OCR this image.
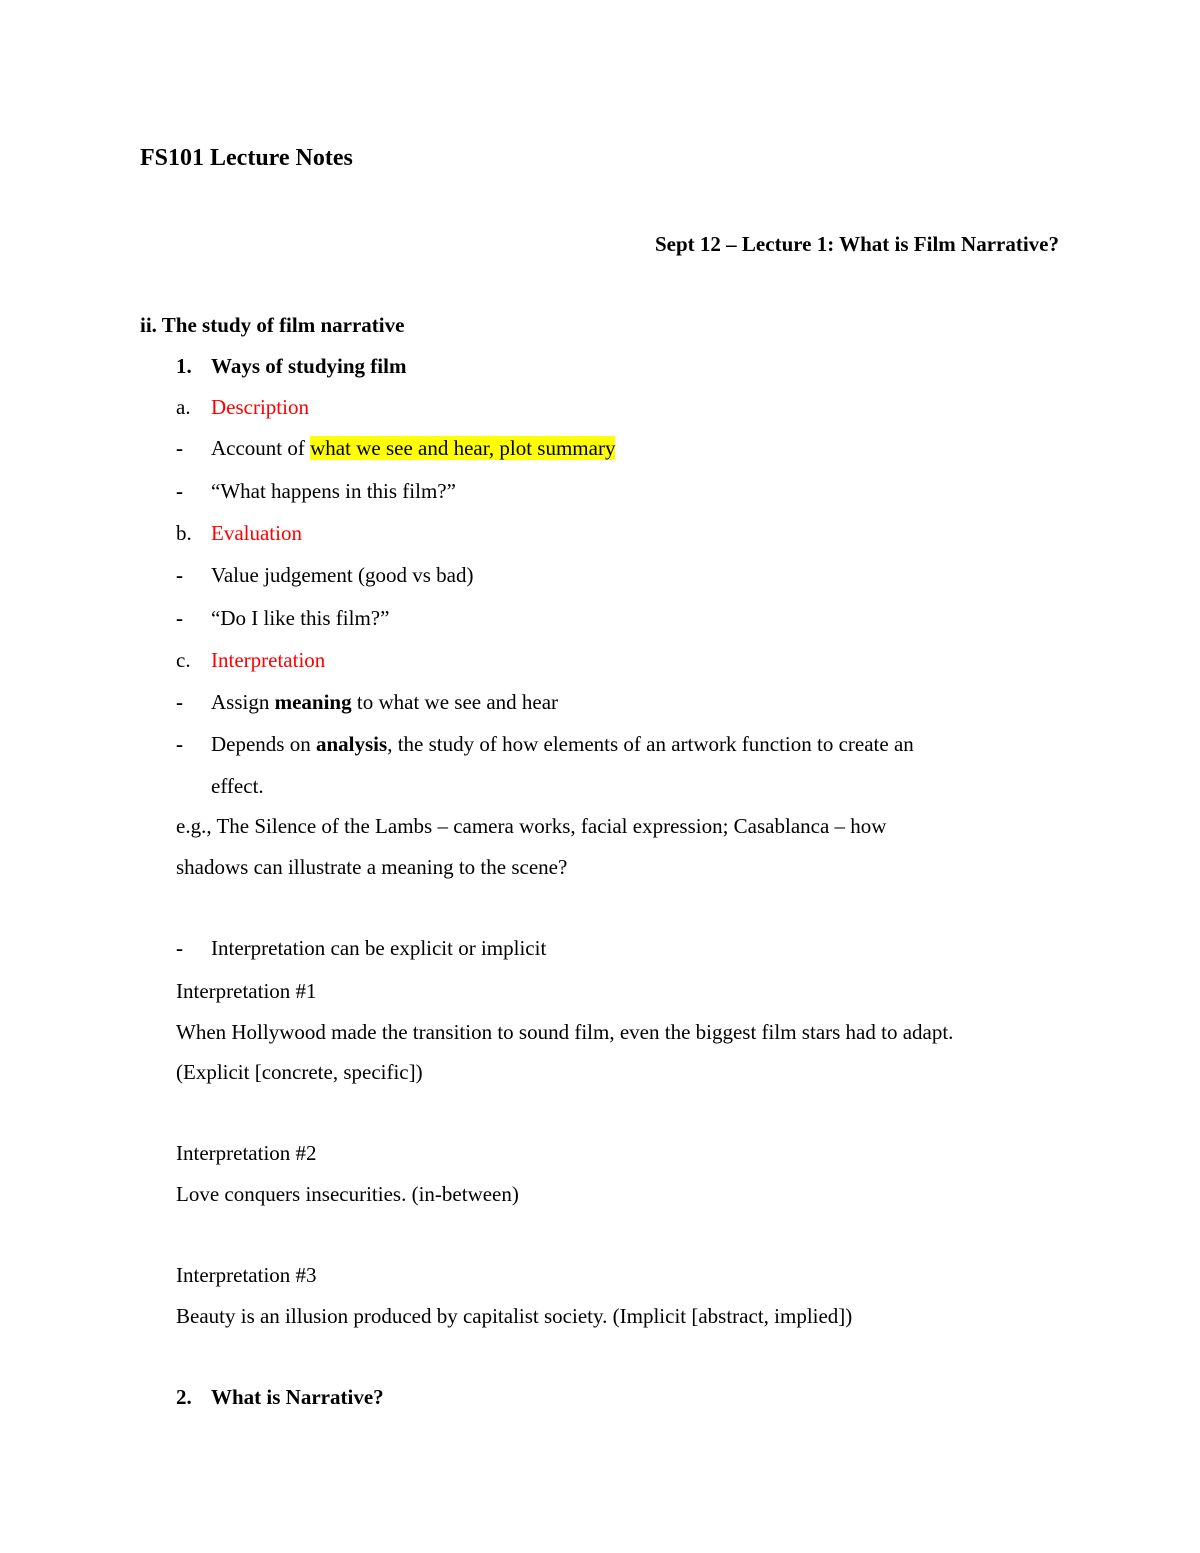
FS101 Lecture Notes
Sept 12 – Lecture 1: What is Film Narrative?
ii. The study of film narrative
1. Ways of studying film
a. Description
- Account of what we see and hear, plot summary
- “What happens in this film?”
b. Evaluation
- Value judgement (good vs bad)
- “Do I like this film?”
c. Interpretation
- Assign meaning to what we see and hear
- Depends on analysis, the study of how elements of an artwork function to create an
effect.
e.g., The Silence of the Lambs – camera works, facial expression; Casablanca – how
shadows can illustrate a meaning to the scene?
- Interpretation can be explicit or implicit
Interpretation #1
When Hollywood made the transition to sound film, even the biggest film stars had to adapt.
(Explicit [concrete, specific])
Interpretation #2
Love conquers insecurities. (in-between)
Interpretation #3
Beauty is an illusion produced by capitalist society. (Implicit [abstract, implied])
2. What is Narrative?
